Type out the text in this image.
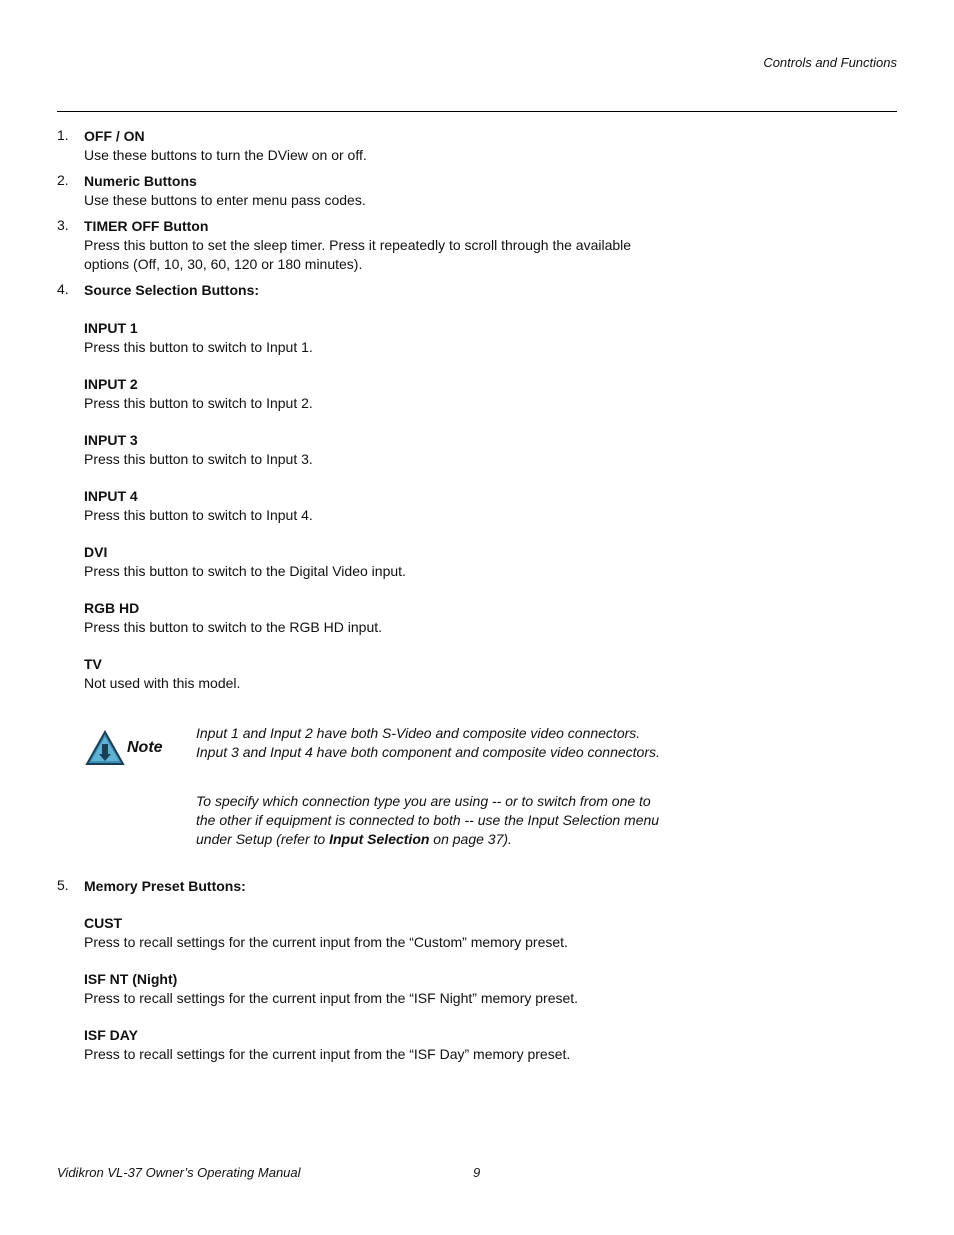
Controls and Functions
1. OFF / ON
Use these buttons to turn the DView on or off.
2. Numeric Buttons
Use these buttons to enter menu pass codes.
3. TIMER OFF Button
Press this button to set the sleep timer. Press it repeatedly to scroll through the available options (Off, 10, 30, 60, 120 or 180 minutes).
4. Source Selection Buttons:
INPUT 1
Press this button to switch to Input 1.
INPUT 2
Press this button to switch to Input 2.
INPUT 3
Press this button to switch to Input 3.
INPUT 4
Press this button to switch to Input 4.
DVI
Press this button to switch to the Digital Video input.
RGB HD
Press this button to switch to the RGB HD input.
TV
Not used with this model.
Note
Input 1 and Input 2 have both S-Video and composite video connectors. Input 3 and Input 4 have both component and composite video connectors.
To specify which connection type you are using -- or to switch from one to the other if equipment is connected to both -- use the Input Selection menu under Setup (refer to Input Selection on page 37).
5. Memory Preset Buttons:
CUST
Press to recall settings for the current input from the “Custom” memory preset.
ISF NT (Night)
Press to recall settings for the current input from the “ISF Night” memory preset.
ISF DAY
Press to recall settings for the current input from the “ISF Day” memory preset.
Vidikron VL-37 Owner’s Operating Manual	9
